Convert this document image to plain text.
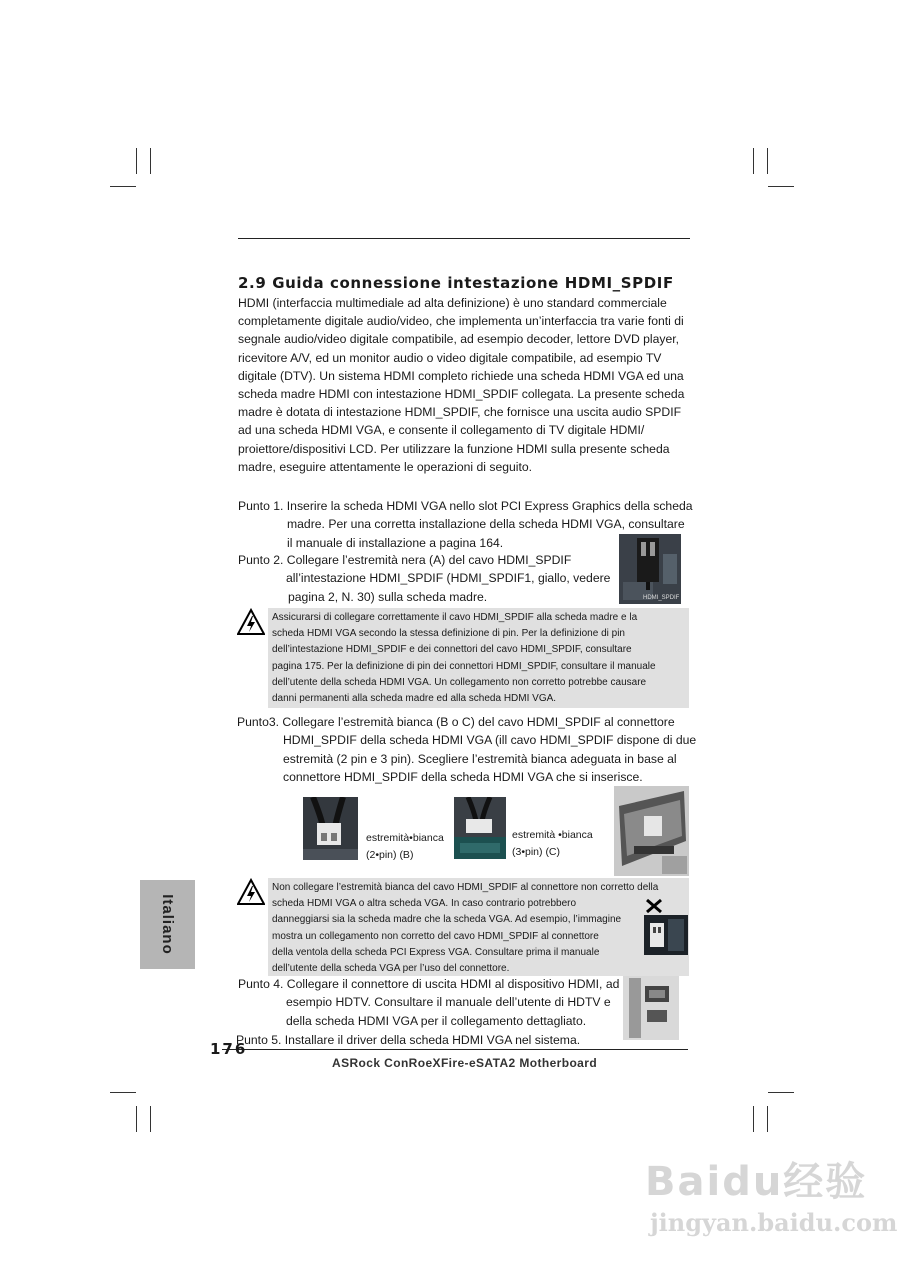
2.9 Guida connessione intestazione HDMI_SPDIF
HDMI (interfaccia multimediale ad alta definizione) è uno standard commerciale
completamente digitale audio/video, che implementa un’interfaccia tra varie fonti di
segnale audio/video digitale compatibile, ad esempio decoder, lettore DVD player,
ricevitore A/V, ed un monitor audio o video digitale compatibile, ad esempio TV
digitale (DTV). Un sistema HDMI completo richiede una scheda HDMI VGA ed una
scheda madre HDMI con intestazione HDMI_SPDIF collegata. La presente scheda
madre è dotata di intestazione HDMI_SPDIF, che fornisce una uscita audio SPDIF
ad una scheda HDMI VGA, e consente il collegamento di TV digitale HDMI/
proiettore/dispositivi LCD. Per utilizzare la funzione HDMI sulla presente scheda
madre, eseguire attentamente le operazioni di seguito.
Punto 1. Inserire la scheda HDMI VGA nello slot PCI Express Graphics della scheda
madre. Per una corretta installazione della scheda HDMI VGA, consultare
il manuale di installazione a pagina 164.
Punto 2. Collegare l’estremità nera (A) del cavo HDMI_SPDIF
all’intestazione HDMI_SPDIF (HDMI_SPDIF1, giallo, vedere
pagina 2, N. 30) sulla scheda madre.	HDMI_SPDIF
Assicurarsi di collegare correttamente il cavo HDMI_SPDIF alla scheda madre e la
scheda HDMI VGA secondo la stessa definizione di pin. Per la definizione di pin
dell’intestazione HDMI_SPDIF e dei connettori del cavo HDMI_SPDIF, consultare
pagina 175. Per la definizione di pin dei connettori HDMI_SPDIF, consultare il manuale
dell’utente della scheda HDMI VGA. Un collegamento non corretto potrebbe causare
danni permanenti alla scheda madre ed alla scheda HDMI VGA.
Punto3. Collegare l’estremità bianca (B o C) del cavo HDMI_SPDIF al connettore
HDMI_SPDIF della scheda HDMI VGA (ill cavo HDMI_SPDIF dispone di due
estremità (2 pin e 3 pin). Scegliere l’estremità bianca adeguata in base al
connettore HDMI_SPDIF della scheda HDMI VGA che si inserisce.
estremità•bianca
(2•pin) (B)
estremità •bianca
(3•pin) (C)
Non collegare l’estremità bianca del cavo HDMI_SPDIF al connettore non corretto della
scheda HDMI VGA o altra scheda VGA. In caso contrario potrebbero
danneggiarsi sia la scheda madre che la scheda VGA. Ad esempio, l’immagine
mostra un collegamento non corretto del cavo HDMI_SPDIF al connettore
della ventola della scheda PCI Express VGA. Consultare prima il manuale
dell’utente della scheda VGA per l’uso del connettore.
Punto 4. Collegare il connettore di uscita HDMI al dispositivo HDMI, ad
esempio HDTV. Consultare il manuale dell’utente di HDTV e
della scheda HDMI VGA per il collegamento dettagliato.
Punto 5. Installare il driver della scheda HDMI VGA nel sistema.
Italiano
176
ASRock ConRoeXFire-eSATA2 Motherboard
Baidu经验
jingyan.baidu.com
